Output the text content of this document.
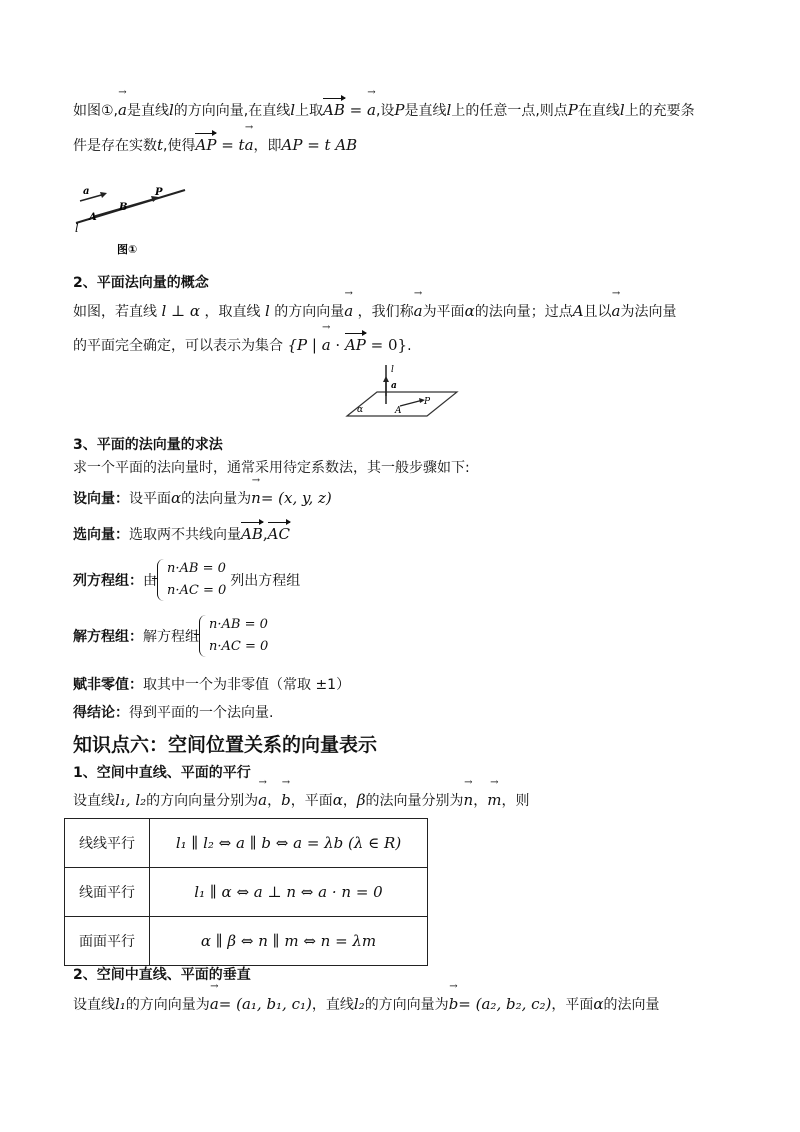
如图①,→ a是直线l的方向向量,在直线l上取AB = → a,设P是直线l上的任意一点,则点P在直线l上的充要条
件是存在实数t,使得AP = t→ a，即AP = t AB
a
l
A
B
P
图①
2、平面法向量的概念
如图，若直线 l ⊥ α ，取直线 l 的方向向量→ a ，我们称→ a为平面α的法向量；过点A且以→ a为法向量
的平面完全确定，可以表示为集合 {P | → a · AP = 0}.
l
a
α	A
P
3、平面的法向量的求法
求一个平面的法向量时，通常采用待定系数法，其一般步骤如下:
设向量：设平面α的法向量为→ n= (x, y, z)
选向量：选取两不共线向量AB,AC
列方程组： 由
n·AB = 0
n·AC = 0
列出方程组
解方程组： 解方程组
n·AB = 0
n·AC = 0
赋非零值：取其中一个为非零值（常取 ±1）
得结论：得到平面的一个法向量.
知识点六：空间位置关系的向量表示
1、空间中直线、平面的平行
设直线l₁, l₂的方向向量分别为→ a，→ b，平面α，β的法向量分别为→ n，→ m，则
线线平行	l₁ ∥ l₂ ⇔ a ∥ b ⇔ a = λb (λ ∈ R)
线面平行	l₁ ∥ α ⇔ a ⊥ n ⇔ a · n = 0
面面平行	α ∥ β ⇔ n ∥ m ⇔ n = λm
2、空间中直线、平面的垂直
设直线l₁的方向向量为→ a= (a₁, b₁, c₁)，直线l₂的方向向量为→ b= (a₂, b₂, c₂)，平面α的法向量
